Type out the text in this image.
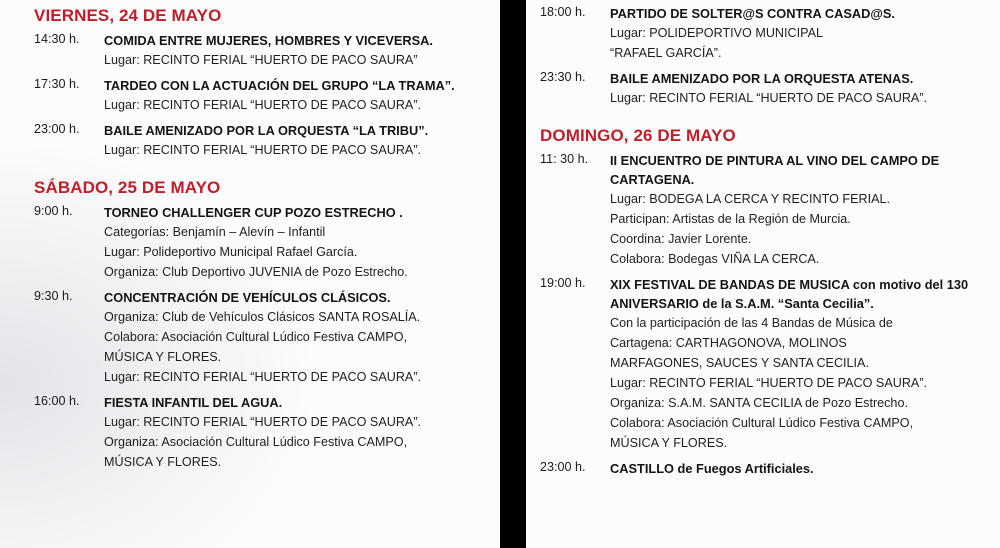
VIERNES, 24 DE MAYO
14:30 h.	COMIDA ENTRE MUJERES, HOMBRES Y VICEVERSA.
Lugar: RECINTO FERIAL “HUERTO DE PACO SAURA”
17:30 h.	TARDEO CON LA ACTUACIÓN DEL GRUPO “LA TRAMA”.
Lugar: RECINTO FERIAL “HUERTO DE PACO SAURA”.
23:00 h.	BAILE AMENIZADO POR LA ORQUESTA “LA TRIBU”.
Lugar: RECINTO FERIAL “HUERTO DE PACO SAURA”.
SÁBADO, 25 DE MAYO
9:00 h.	TORNEO CHALLENGER CUP POZO ESTRECHO .
Categorías: Benjamín – Alevín – Infantil
Lugar: Polideportivo Municipal Rafael García.
Organiza: Club Deportivo JUVENIA de Pozo Estrecho.
9:30 h.	CONCENTRACIÓN DE VEHÍCULOS CLÁSICOS.
Organiza: Club de Vehículos Clásicos SANTA ROSALÍA.
Colabora: Asociación Cultural Lúdico Festiva CAMPO,
MÚSICA Y FLORES.
Lugar: RECINTO FERIAL “HUERTO DE PACO SAURA”.
16:00 h.	FIESTA INFANTIL DEL AGUA.
Lugar: RECINTO FERIAL “HUERTO DE PACO SAURA”.
Organiza: Asociación Cultural Lúdico Festiva CAMPO,
MÚSICA Y FLORES.
18:00 h.	PARTIDO DE SOLTER@S CONTRA CASAD@S.
Lugar: POLIDEPORTIVO MUNICIPAL
“RAFAEL GARCÍA”.
23:30 h.	BAILE AMENIZADO POR LA ORQUESTA ATENAS.
Lugar: RECINTO FERIAL “HUERTO DE PACO SAURA”.
DOMINGO, 26 DE MAYO
11: 30 h.	II ENCUENTRO DE PINTURA AL VINO DEL CAMPO DE CARTAGENA.
Lugar: BODEGA LA CERCA Y RECINTO FERIAL.
Participan: Artistas de la Región de Murcia.
Coordina: Javier Lorente.
Colabora: Bodegas VIÑA LA CERCA.
19:00 h.	XIX FESTIVAL DE BANDAS DE MUSICA con motivo del 130 ANIVERSARIO de la S.A.M. “Santa Cecilia”.
Con la participación de las 4 Bandas de Música de
Cartagena: CARTHAGONOVA, MOLINOS
MARFAGONES, SAUCES Y SANTA CECILIA.
Lugar: RECINTO FERIAL “HUERTO DE PACO SAURA”.
Organiza: S.A.M. SANTA CECILIA de Pozo Estrecho.
Colabora: Asociación Cultural Lúdico Festiva CAMPO,
MÚSICA Y FLORES.
23:00 h.	CASTILLO de Fuegos Artificiales.
